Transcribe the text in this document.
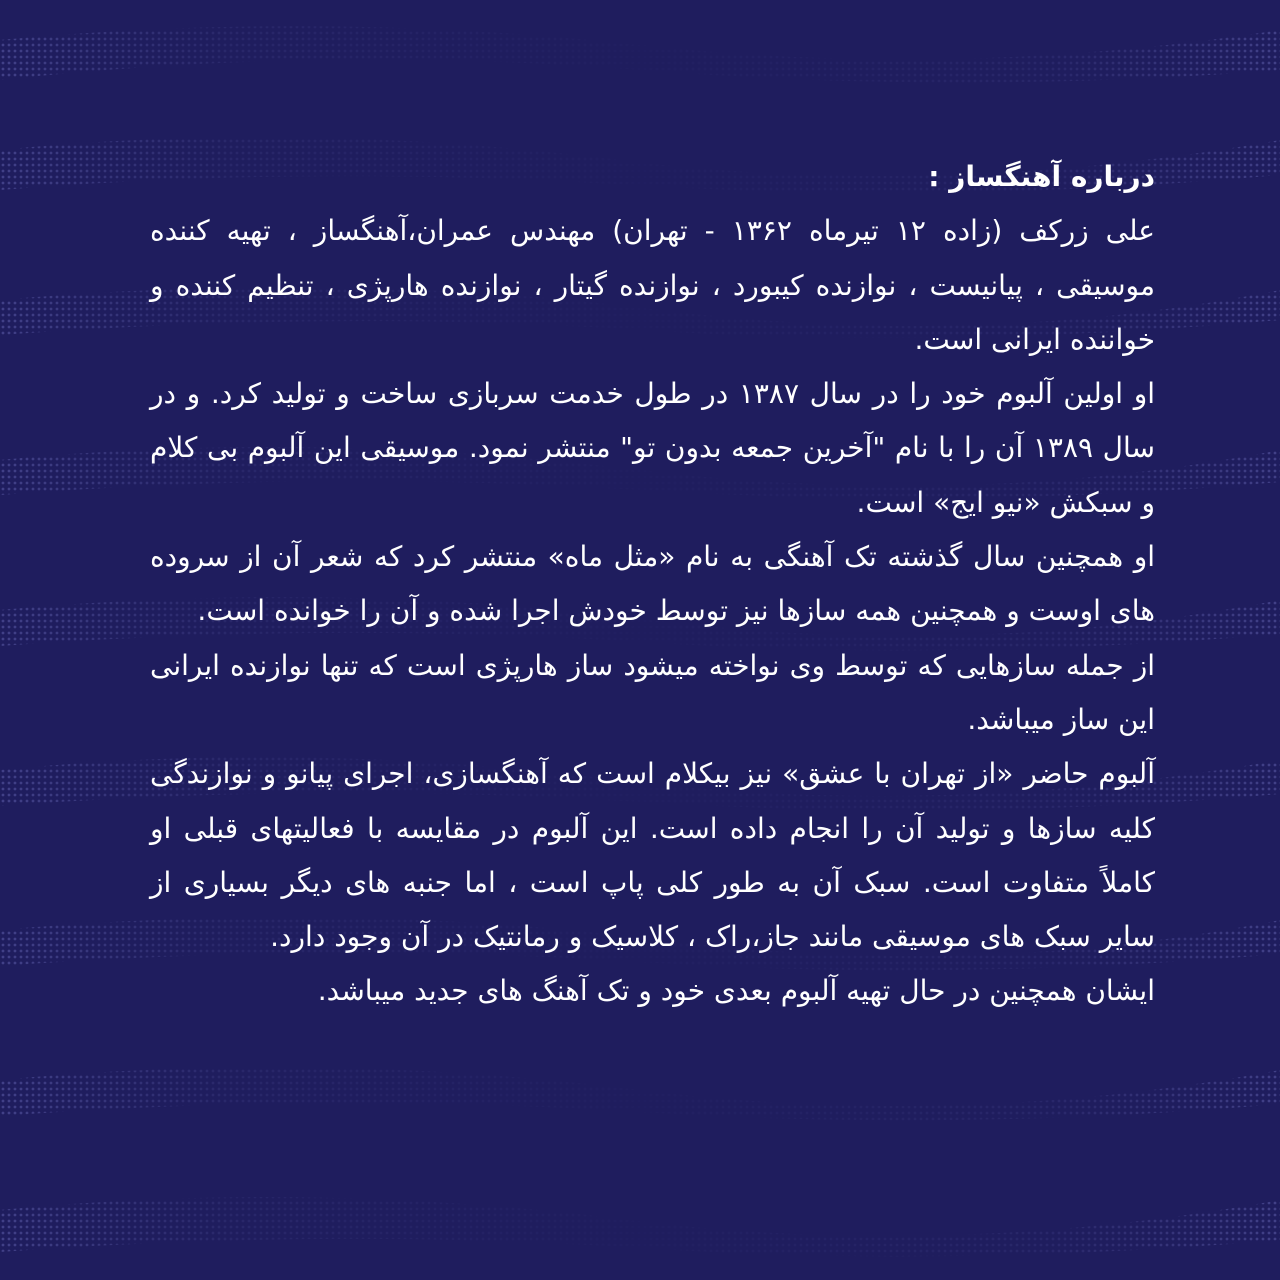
درباره آهنگساز :

علی زرکف (زاده ۱۲ تیرماه ۱۳۶۲ - تهران) مهندس عمران،آهنگساز ، تهیه کننده موسیقی ، پیانیست ، نوازنده کیبورد ، نوازنده گیتار ، نوازنده هارپژی ، تنظیم کننده و خواننده ایرانی است.

او اولین آلبوم خود را در سال ۱۳۸۷ در طول خدمت سربازی ساخت و تولید کرد. و در سال ۱۳۸۹ آن را با نام "آخرین جمعه بدون تو" منتشر نمود. موسیقی این آلبوم بی کلام و سبکش «نیو ایج» است.

او همچنین سال گذشته تک آهنگی به نام «مثل ماه» منتشر کرد که شعر آن از سروده های اوست و همچنین همه سازها نیز توسط خودش اجرا شده و آن را خوانده است.

از جمله سازهایی که توسط وی نواخته میشود ساز هارپژی است که تنها نوازنده ایرانی این ساز میباشد.

آلبوم حاضر «از تهران با عشق» نیز بیکلام است که آهنگسازی، اجرای پیانو و نوازندگی کلیه سازها و تولید آن را انجام داده است. این آلبوم در مقایسه با فعالیتهای قبلی او کاملاً متفاوت است. سبک آن به طور کلی پاپ است ، اما جنبه های دیگر بسیاری از سایر سبک های موسیقی مانند جاز،راک ، کلاسیک و رمانتیک در آن وجود دارد.

ایشان همچنین در حال تهیه آلبوم بعدی خود و تک آهنگ های جدید میباشد.
